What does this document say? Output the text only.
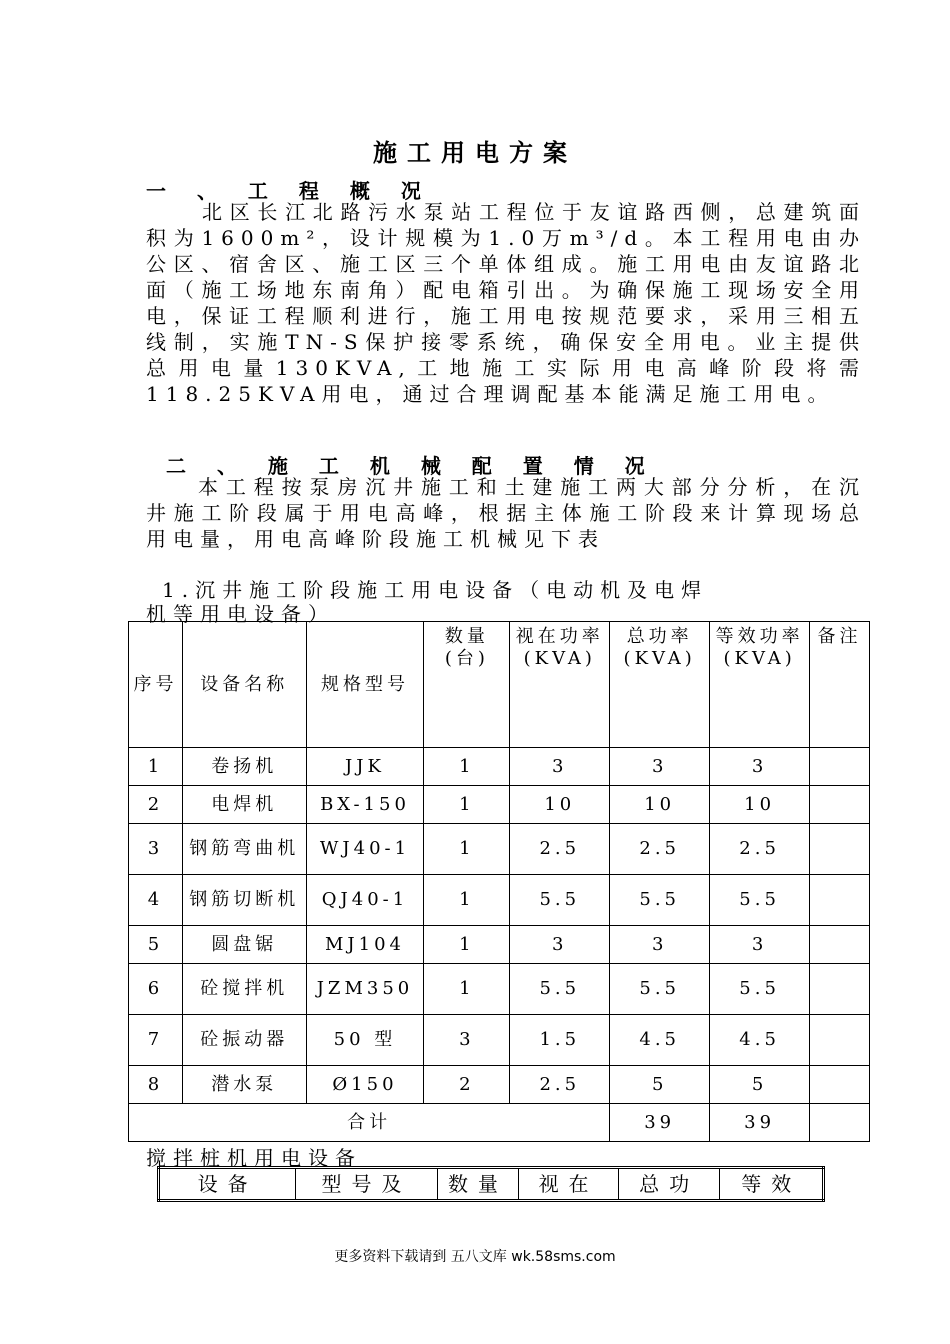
施工用电方案
一 、 工 程 概 况
北区长江北路污水泵站工程位于友谊路西侧，总建筑面积为1600m²，设计规模为1.0万m³/d。本工程用电由办公区、宿舍区、施工区三个单体组成。施工用电由友谊路北面（施工场地东南角）配电箱引出。为确保施工现场安全用电，保证工程顺利进行，施工用电按规范要求，采用三相五线制，实施TN-S保护接零系统，确保安全用电。业主提供总用电量130KVA,工地施工实际用电高峰阶段将需118.25KVA用电，通过合理调配基本能满足施工用电。
二 、 施 工 机 械 配 置 情 况
本工程按泵房沉井施工和土建施工两大部分分析，在沉井施工阶段属于用电高峰，根据主体施工阶段来计算现场总用电量，用电高峰阶段施工机械见下表
1.沉井施工阶段施工用电设备（电动机及电焊
机等用电设备）
序号	设备名称	规格型号	数量(台)	视在功率(KVA)	总功率(KVA)	等效功率(KVA)	备注
1	卷扬机	JJK	1	3	3	3	
2	电焊机	BX-150	1	10	10	10	
3	钢筋弯曲机	WJ40-1	1	2.5	2.5	2.5	
4	钢筋切断机	QJ40-1	1	5.5	5.5	5.5	
5	圆盘锯	MJ104	1	3	3	3	
6	砼搅拌机	JZM350	1	5.5	5.5	5.5	
7	砼振动器	50 型	3	1.5	4.5	4.5	
8	潜水泵	Ø150	2	2.5	5	5	
合计					39	39	
搅拌桩机用电设备
设备	型号及	数量	视在	总功	等效
更多资料下载请到 五八文库 wk.58sms.com
